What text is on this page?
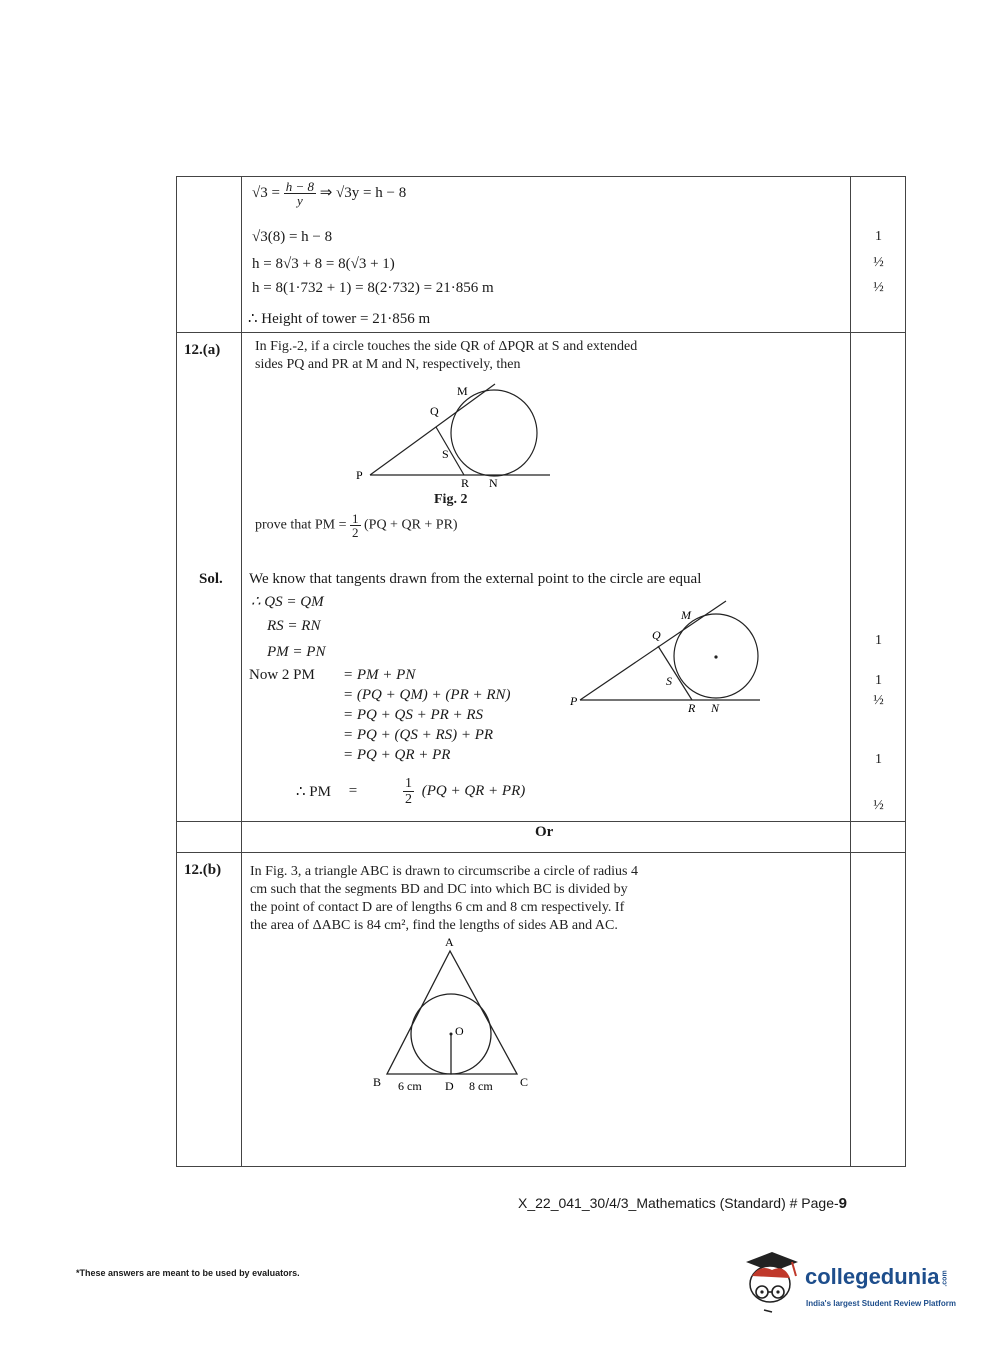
$√3 = \frac{h - 8}{y}$ ⇒ √3y = h − 8
√3(8) = h − 8
h = 8√3 + 8 = 8(√3 + 1)
h = 8(1·732 + 1) = 8(2·732) = 21·856 m
∴ Height of tower = 21·856 m
1
½
½
12.(a) In Fig.-2, if a circle touches the side QR of ΔPQR at S and extended
sides PQ and PR at M and N, respectively, then
P
Q
M
S
R N
Fig. 2
prove that PM = $\frac{1}{2} (PQ$ + QR + PR)
Sol. We know that tangents drawn from the external point to the circle are equal
∴ QS = QM
RS = RN
PM = PN
Now 2 PM = PM + PN
= (PQ + QM) + (PR + RN)
= PQ + QS + PR + RS
= PQ + (QS + RS) + PR
= PQ + QR + PR
∴ PM =	$\frac{1}{2} (PQ$ + QR + PR)
P
Q
M
S
R N
1
1
½
1
½
Or
12.(b) In Fig. 3, a triangle ABC is drawn to circumscribe a circle of radius 4
cm such that the segments BD and DC into which BC is divided by
the point of contact D are of lengths 6 cm and 8 cm respectively. If
the area of ΔABC is 84 cm², find the lengths of sides AB and AC.
A
O
B 6 cm D 8 cm C
X_22_041_30/4/3_Mathematics (Standard) # Page-9
*These answers are meant to be used by evaluators.	collegedunia .com
India's largest Student Review Platform
